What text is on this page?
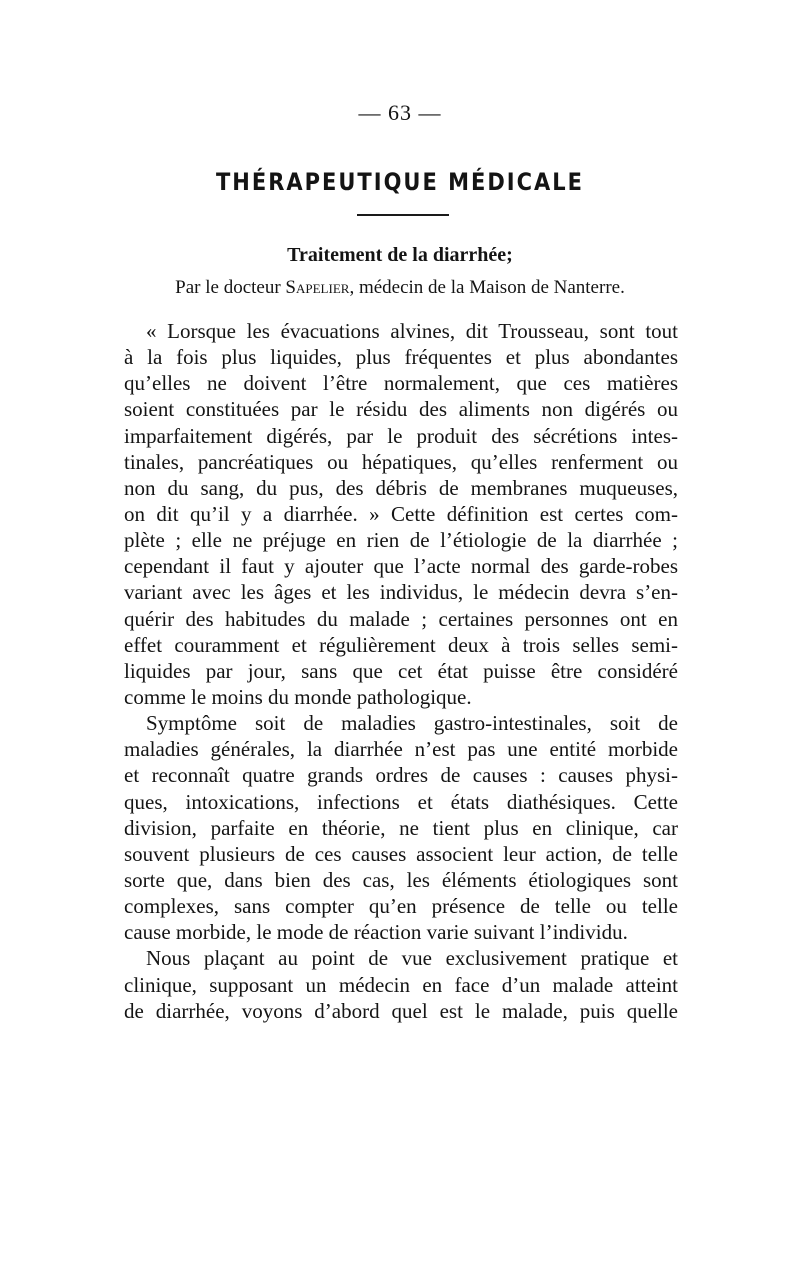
— 63 —
THÉRAPEUTIQUE MÉDICALE
Traitement de la diarrhée;
Par le docteur Sapelier, médecin de la Maison de Nanterre.
« Lorsque les évacuations alvines, dit Trousseau, sont tout
à la fois plus liquides, plus fréquentes et plus abondantes
qu’elles ne doivent l’être normalement, que ces matières
soient constituées par le résidu des aliments non digérés ou
imparfaitement digérés, par le produit des sécrétions intes-
tinales, pancréatiques ou hépatiques, qu’elles renferment ou
non du sang, du pus, des débris de membranes muqueuses,
on dit qu’il y a diarrhée. » Cette définition est certes com-
plète ; elle ne préjuge en rien de l’étiologie de la diarrhée ;
cependant il faut y ajouter que l’acte normal des garde-robes
variant avec les âges et les individus, le médecin devra s’en-
quérir des habitudes du malade ; certaines personnes ont en
effet couramment et régulièrement deux à trois selles semi-
liquides par jour, sans que cet état puisse être considéré
comme le moins du monde pathologique.
Symptôme soit de maladies gastro-intestinales, soit de
maladies générales, la diarrhée n’est pas une entité morbide
et reconnaît quatre grands ordres de causes : causes physi-
ques, intoxications, infections et états diathésiques. Cette
division, parfaite en théorie, ne tient plus en clinique, car
souvent plusieurs de ces causes associent leur action, de telle
sorte que, dans bien des cas, les éléments étiologiques sont
complexes, sans compter qu’en présence de telle ou telle
cause morbide, le mode de réaction varie suivant l’individu.
Nous plaçant au point de vue exclusivement pratique et
clinique, supposant un médecin en face d’un malade atteint
de diarrhée, voyons d’abord quel est le malade, puis quelle
